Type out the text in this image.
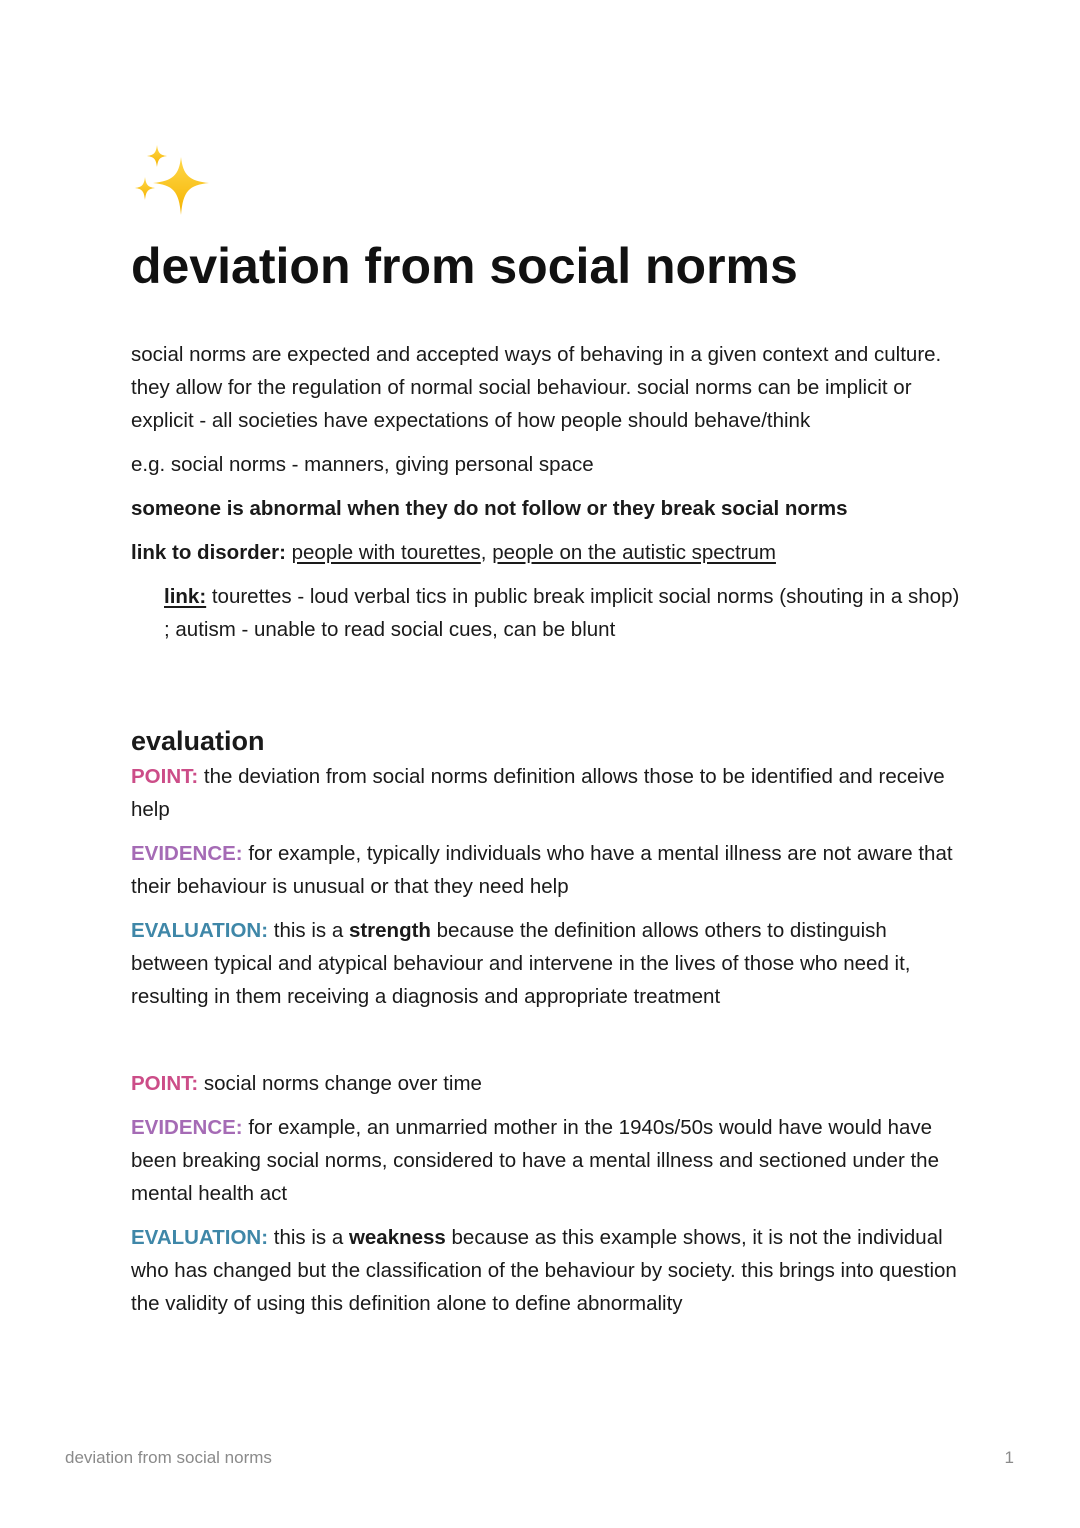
deviation from social norms

social norms are expected and accepted ways of behaving in a given context and culture. they allow for the regulation of normal social behaviour. social norms can be implicit or explicit - all societies have expectations of how people should behave/think

e.g. social norms - manners, giving personal space

someone is abnormal when they do not follow or they break social norms

link to disorder: people with tourettes, people on the autistic spectrum

link: tourettes - loud verbal tics in public break implicit social norms (shouting in a shop) ; autism - unable to read social cues, can be blunt

evaluation

POINT: the deviation from social norms definition allows those to be identified and receive help

EVIDENCE: for example, typically individuals who have a mental illness are not aware that their behaviour is unusual or that they need help

EVALUATION: this is a strength because the definition allows others to distinguish between typical and atypical behaviour and intervene in the lives of those who need it, resulting in them receiving a diagnosis and appropriate treatment

POINT: social norms change over time

EVIDENCE: for example, an unmarried mother in the 1940s/50s would have would have been breaking social norms, considered to have a mental illness and sectioned under the mental health act

EVALUATION: this is a weakness because as this example shows, it is not the individual who has changed but the classification of the behaviour by society. this brings into question the validity of using this definition alone to define abnormality

deviation from social norms	1
